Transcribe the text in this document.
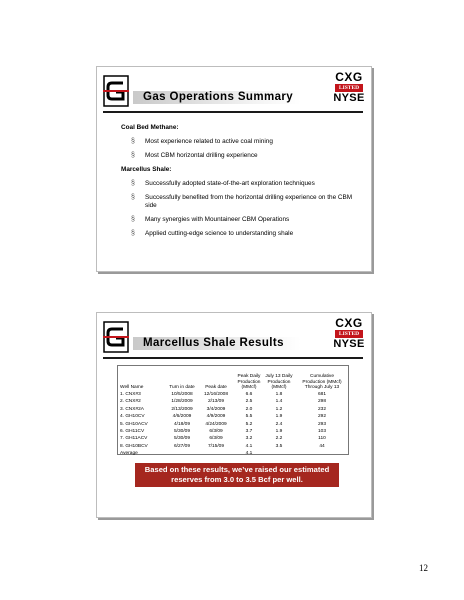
Gas Operations Summary
CXG
LISTED
NYSE
Coal Bed Methane:
§ Most experience related to active coal mining
§ Most CBM horizontal drilling experience
Marcellus Shale:
§ Successfully adopted state-of-the-art exploration techniques
§ Successfully benefited from the horizontal drilling experience on the CBM side
§ Many synergies with Mountaineer CBM Operations
§ Applied cutting-edge science to understanding shale
Marcellus Shale Results
CXG
LISTED
NYSE
Well Name
1. CNX#3
2. CNX#2
3. CNX#2A
4. GH10CV
5. GH10ACV
6. GH11CV
7. GH11ACV
8. GH10BCV
Average
Turn in date
10/5/2008
1/28/2009
2/13/2009
4/6/2009
4/18/09
5/30/09
5/30/09
6/27/09
Peak date
12/16/2008
2/13/09
3/4/2009
4/9/2009
4/24/2009
6/3/09
6/3/09
7/15/09
Peak Daily Production (MMcf)
6.6
2.5
2.0
5.5
5.2
3.7
3.2
4.1
4.1
July 13 Daily Production (MMcf)
1.8
1.4
1.2
1.9
2.4
1.9
2.2
3.5
Cumulative Production (MMcf) Through July 13
681
298
232
292
293
103
110
44
Based on these results, we’ve raised our estimated
reserves from 3.0 to 3.5 Bcf per well.
12
